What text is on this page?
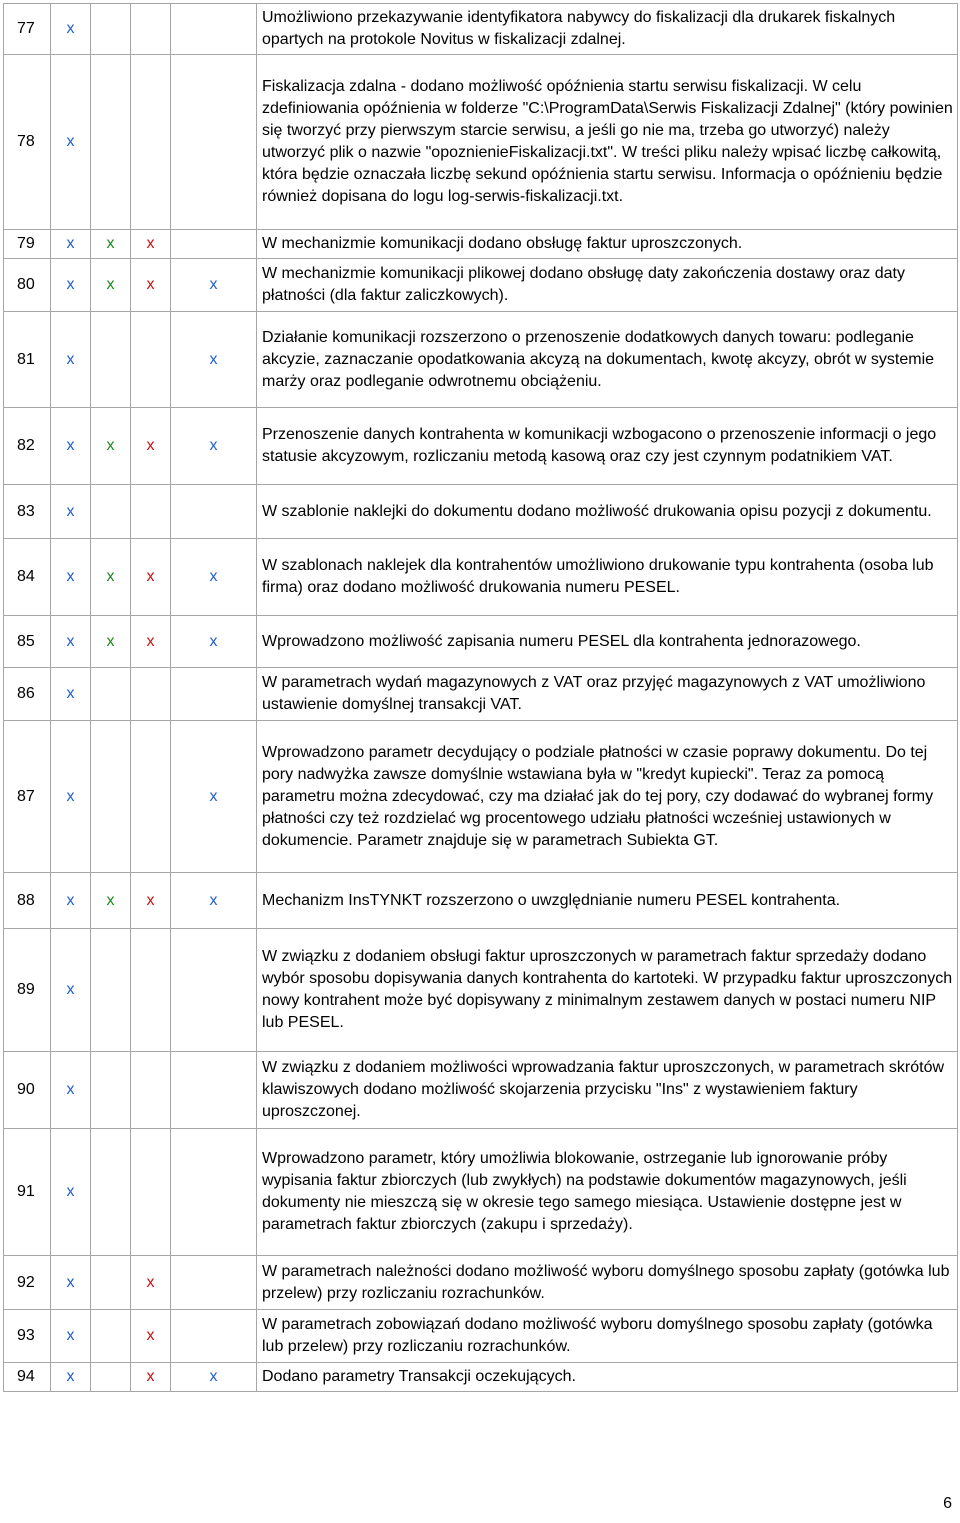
77	x				Umożliwiono przekazywanie identyfikatora nabywcy do fiskalizacji dla drukarek fiskalnych opartych na protokole Novitus w fiskalizacji zdalnej.
78	x				Fiskalizacja zdalna - dodano możliwość opóźnienia startu serwisu fiskalizacji. W celu zdefiniowania opóźnienia w folderze "C:\ProgramData\Serwis Fiskalizacji Zdalnej" (który powinien się tworzyć przy pierwszym starcie serwisu, a jeśli go nie ma, trzeba go utworzyć) należy utworzyć plik o nazwie "opoznienieFiskalizacji.txt". W treści pliku należy wpisać liczbę całkowitą, która będzie oznaczała liczbę sekund opóźnienia startu serwisu. Informacja o opóźnieniu będzie również dopisana do logu log-serwis-fiskalizacji.txt.
79	x	x	x		W mechanizmie komunikacji dodano obsługę faktur uproszczonych.
80	x	x	x	x	W mechanizmie komunikacji plikowej dodano obsługę daty zakończenia dostawy oraz daty płatności (dla faktur zaliczkowych).
81	x			x	Działanie komunikacji rozszerzono o przenoszenie dodatkowych danych towaru: podleganie akcyzie, zaznaczanie opodatkowania akcyzą na dokumentach, kwotę akcyzy, obrót w systemie marży oraz podleganie odwrotnemu obciążeniu.
82	x	x	x	x	Przenoszenie danych kontrahenta w komunikacji wzbogacono o przenoszenie informacji o jego statusie akcyzowym, rozliczaniu metodą kasową oraz czy jest czynnym podatnikiem VAT.
83	x				W szablonie naklejki do dokumentu dodano możliwość drukowania opisu pozycji z dokumentu.
84	x	x	x	x	W szablonach naklejek dla kontrahentów umożliwiono drukowanie typu kontrahenta (osoba lub firma) oraz dodano możliwość drukowania numeru PESEL.
85	x	x	x	x	Wprowadzono możliwość zapisania numeru PESEL dla kontrahenta jednorazowego.
86	x				W parametrach wydań magazynowych z VAT oraz przyjęć magazynowych z VAT umożliwiono ustawienie domyślnej transakcji VAT.
87	x			x	Wprowadzono parametr decydujący o podziale płatności w czasie poprawy dokumentu. Do tej pory nadwyżka zawsze domyślnie wstawiana była w "kredyt kupiecki". Teraz za pomocą parametru można zdecydować, czy ma działać jak do tej pory, czy dodawać do wybranej formy płatności czy też rozdzielać wg procentowego udziału płatności wcześniej ustawionych w dokumencie. Parametr znajduje się w parametrach Subiekta GT.
88	x	x	x	x	Mechanizm InsTYNKT rozszerzono o uwzględnianie numeru PESEL kontrahenta.
89	x				W związku z dodaniem obsługi faktur uproszczonych w parametrach faktur sprzedaży dodano wybór sposobu dopisywania danych kontrahenta do kartoteki. W przypadku faktur uproszczonych nowy kontrahent może być dopisywany z minimalnym zestawem danych w postaci numeru NIP lub PESEL.
90	x				W związku z dodaniem możliwości wprowadzania faktur uproszczonych, w parametrach skrótów klawiszowych dodano możliwość skojarzenia przycisku "Ins" z wystawieniem faktury uproszczonej.
91	x				Wprowadzono parametr, który umożliwia blokowanie, ostrzeganie lub ignorowanie próby wypisania faktur zbiorczych (lub zwykłych) na podstawie dokumentów magazynowych, jeśli dokumenty nie mieszczą się w okresie tego samego miesiąca. Ustawienie dostępne jest w parametrach faktur zbiorczych (zakupu i sprzedaży).
92	x		x		W parametrach należności dodano możliwość wyboru domyślnego sposobu zapłaty (gotówka lub przelew) przy rozliczaniu rozrachunków.
93	x		x		W parametrach zobowiązań dodano możliwość wyboru domyślnego sposobu zapłaty (gotówka lub przelew) przy rozliczaniu rozrachunków.
94	x		x	x	Dodano parametry Transakcji oczekujących.
6
